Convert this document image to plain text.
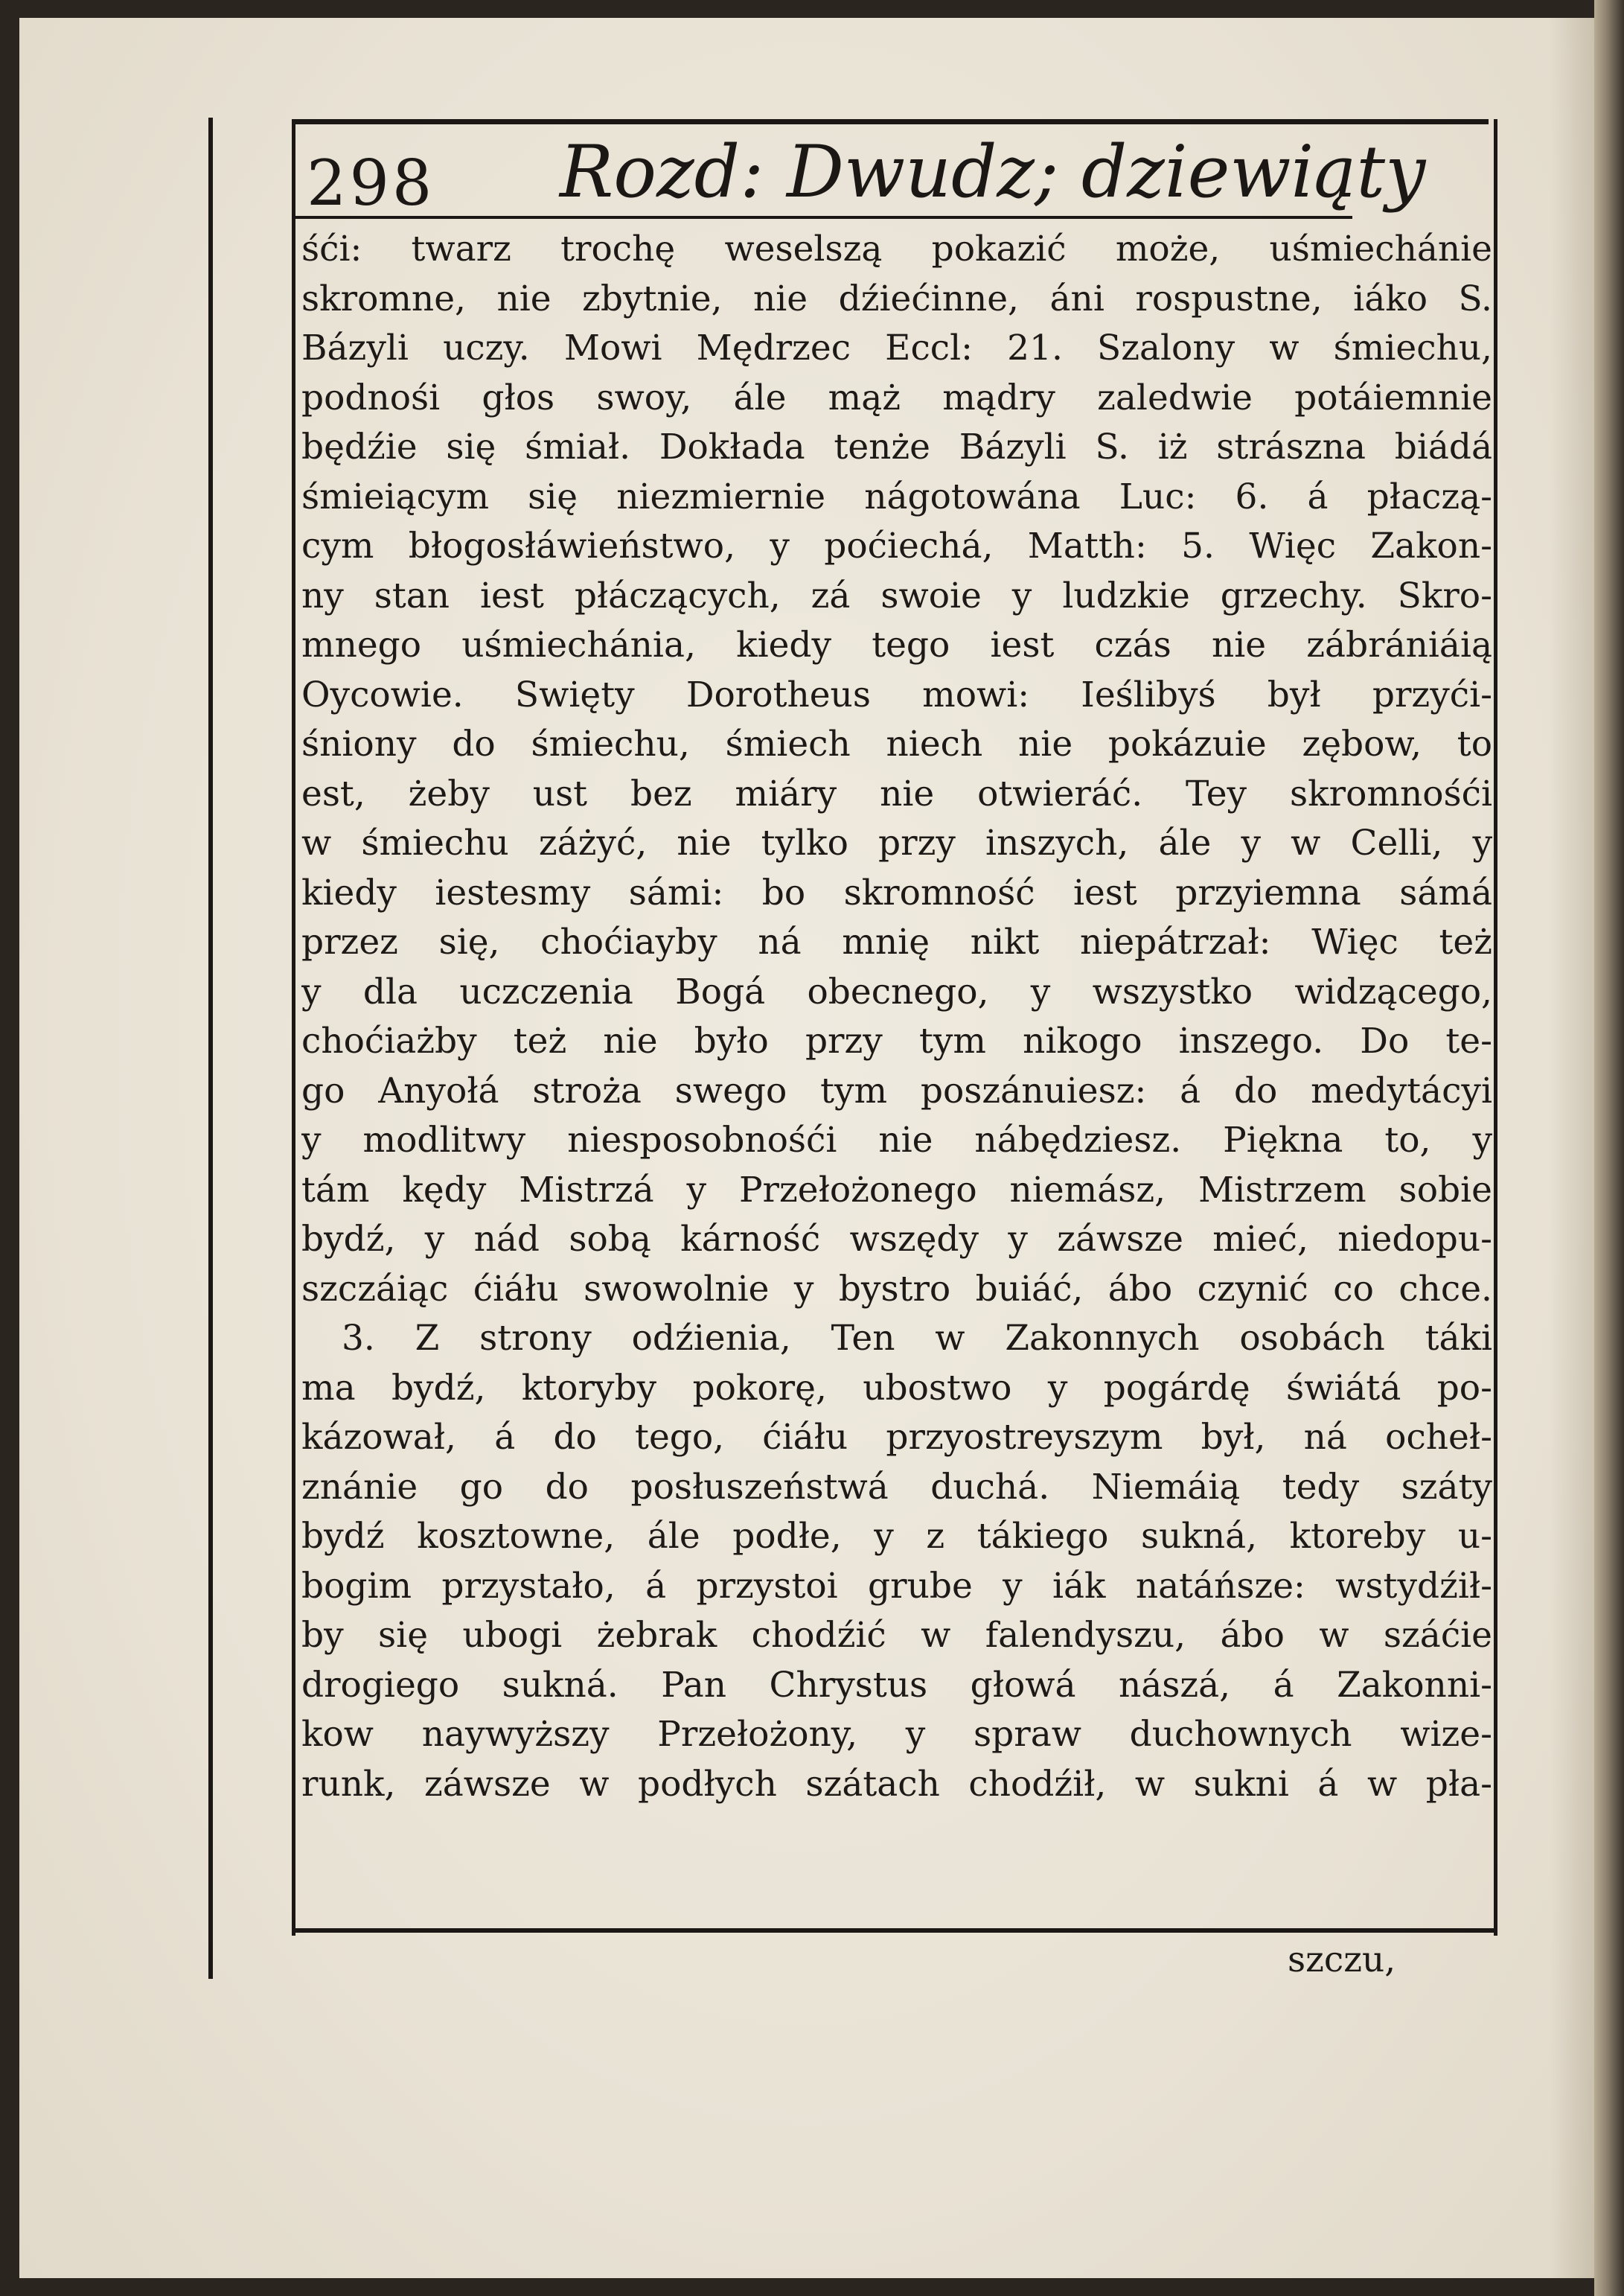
298 Rozd: Dwudz; dziewiąty
śći: twarz trochę weselszą pokazić może, uśmiechánie
skromne, nie zbytnie, nie dźiećinne, áni rospustne, iáko S.
Bázyli uczy. Mowi Mędrzec Eccl: 21. Szalony w śmiechu,
podnośi głos swoy, ále mąż mądry zaledwie potáiemnie
będźie się śmiał. Dokłada tenże Bázyli S. iż strászna biádá
śmieiącym się niezmiernie nágotowána Luc: 6. á płaczą-
cym błogosłáwieństwo, y poćiechá, Matth: 5. Więc Zakon-
ny stan iest płáczących, zá swoie y ludzkie grzechy. Skro-
mnego uśmiechánia, kiedy tego iest czás nie zábrániáią
Oycowie. Swięty Dorotheus mowi: Ieślibyś był przyći-
śniony do śmiechu, śmiech niech nie pokázuie zębow, to
est, żeby ust bez miáry nie otwieráć. Tey skromnośći
w śmiechu záżyć, nie tylko przy inszych, ále y w Celli, y
kiedy iestesmy sámi: bo skromność iest przyiemna sámá
przez się, choćiayby ná mnię nikt niepátrzał: Więc też
y dla uczczenia Bogá obecnego, y wszystko widzącego,
choćiażby też nie było przy tym nikogo inszego. Do te-
go Anyołá stroża swego tym poszánuiesz: á do medytácyi
y modlitwy niesposobnośći nie nábędziesz. Piękna to, y
tám kędy Mistrzá y Przełożonego niemász, Mistrzem sobie
bydź, y nád sobą kárność wszędy y záwsze mieć, niedopu-
szczáiąc ćiáłu swowolnie y bystro buiáć, ábo czynić co chce.
3. Z strony odźienia, Ten w Zakonnych osobách táki
ma bydź, ktoryby pokorę, ubostwo y pogárdę świátá po-
kázował, á do tego, ćiáłu przyostreyszym był, ná ocheł-
znánie go do posłuszeństwá duchá. Niemáią tedy száty
bydź kosztowne, ále podłe, y z tákiego sukná, ktoreby u-
bogim przystało, á przystoi grube y iák natáńsze: wstydźił-
by się ubogi żebrak chodźić w falendyszu, ábo w száćie
drogiego sukná. Pan Chrystus głowá nászá, á Zakonni-
kow naywyższy Przełożony, y spraw duchownych wize-
runk, záwsze w podłych szátach chodźił, w sukni á w pła-
szczu,
